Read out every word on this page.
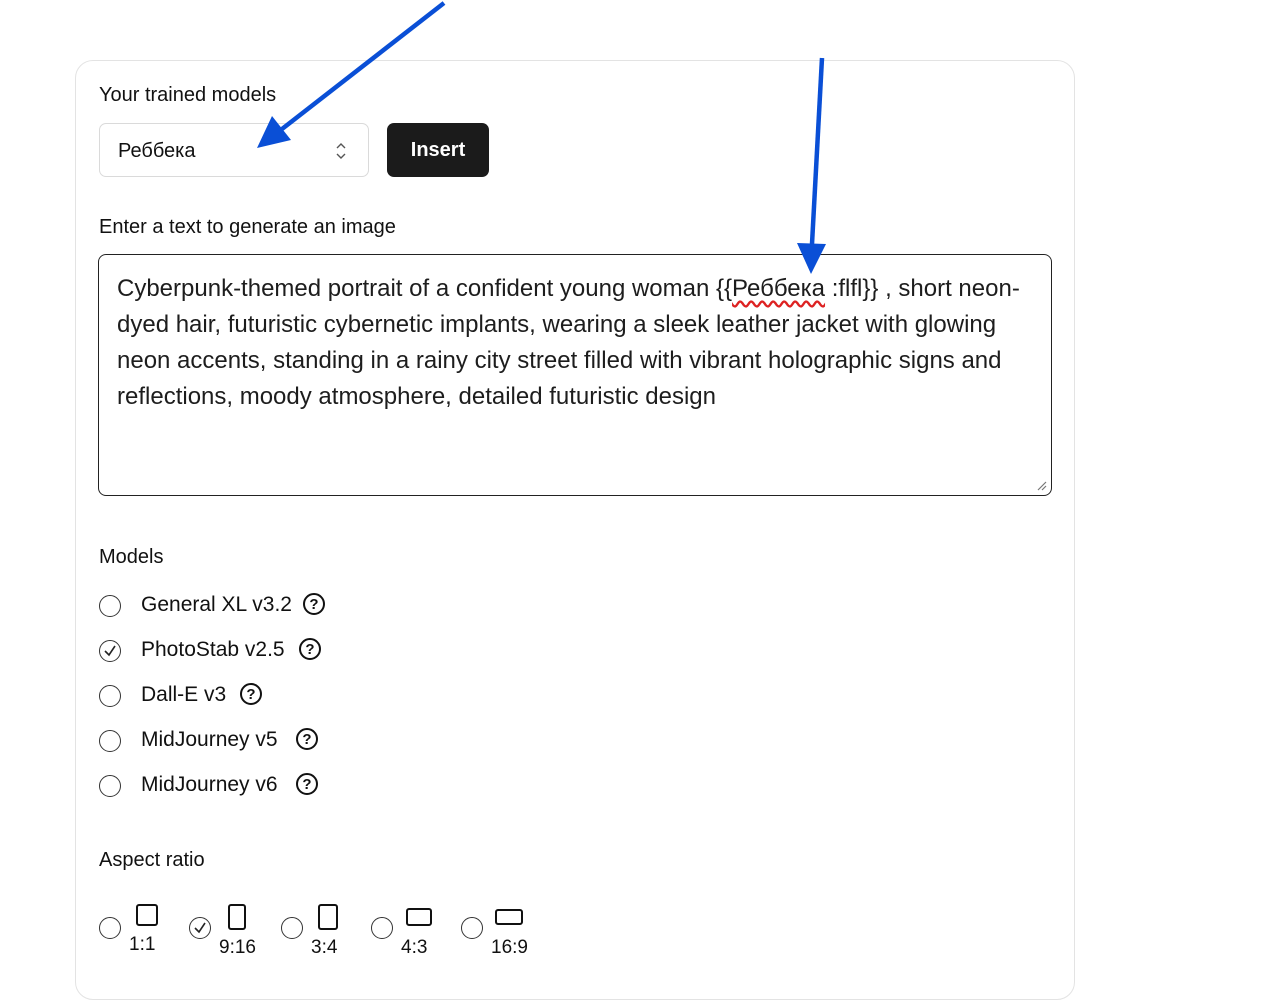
Your trained models
Реббека	Insert
Enter a text to generate an image
Cyberpunk-themed portrait of a confident young woman {{Реббека :flfl}} , short neon-dyed hair, futuristic cybernetic implants, wearing a sleek leather jacket with glowing neon accents, standing in a rainy city street filled with vibrant holographic signs and reflections, moody atmosphere, detailed futuristic design
Models
General XL v3.2	?
PhotoStab v2.5	?
Dall-E v3	?
MidJourney v5	?
MidJourney v6	?
Aspect ratio
1:1	9:16	3:4	4:3	16:9
